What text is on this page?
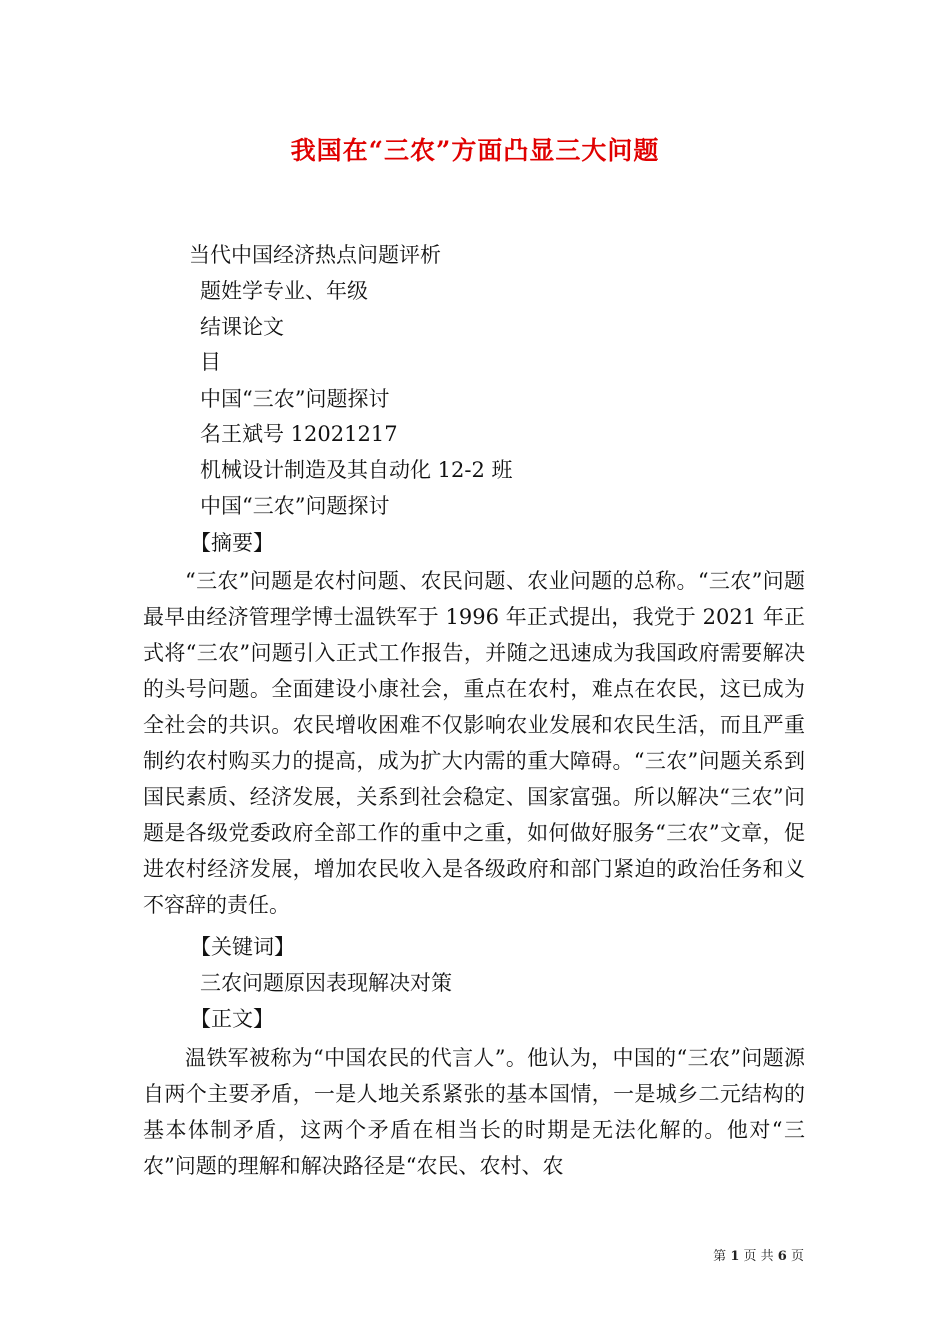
我国在“三农”方面凸显三大问题
当代中国经济热点问题评析
题姓学专业、年级
结课论文
目
中国“三农”问题探讨
名王斌号 12021217
机械设计制造及其自动化 12-2 班
中国“三农”问题探讨
【摘要】
“三农”问题是农村问题、农民问题、农业问题的总称。“三农”问题最早由经济管理学博士温铁军于 1996 年正式提出，我党于 2021 年正式将“三农”问题引入正式工作报告，并随之迅速成为我国政府需要解决的头号问题。全面建设小康社会，重点在农村，难点在农民，这已成为全社会的共识。农民增收困难不仅影响农业发展和农民生活，而且严重制约农村购买力的提高，成为扩大内需的重大障碍。“三农”问题关系到国民素质、经济发展，关系到社会稳定、国家富强。所以解决“三农”问题是各级党委政府全部工作的重中之重，如何做好服务“三农”文章，促进农村经济发展，增加农民收入是各级政府和部门紧迫的政治任务和义不容辞的责任。
【关键词】
三农问题原因表现解决对策
【正文】
温铁军被称为“中国农民的代言人”。他认为，中国的“三农”问题源自两个主要矛盾，一是人地关系紧张的基本国情，一是城乡二元结构的基本体制矛盾，这两个矛盾在相当长的时期是无法化解的。他对“三农”问题的理解和解决路径是“农民、农村、农
第 1 页 共 6 页
